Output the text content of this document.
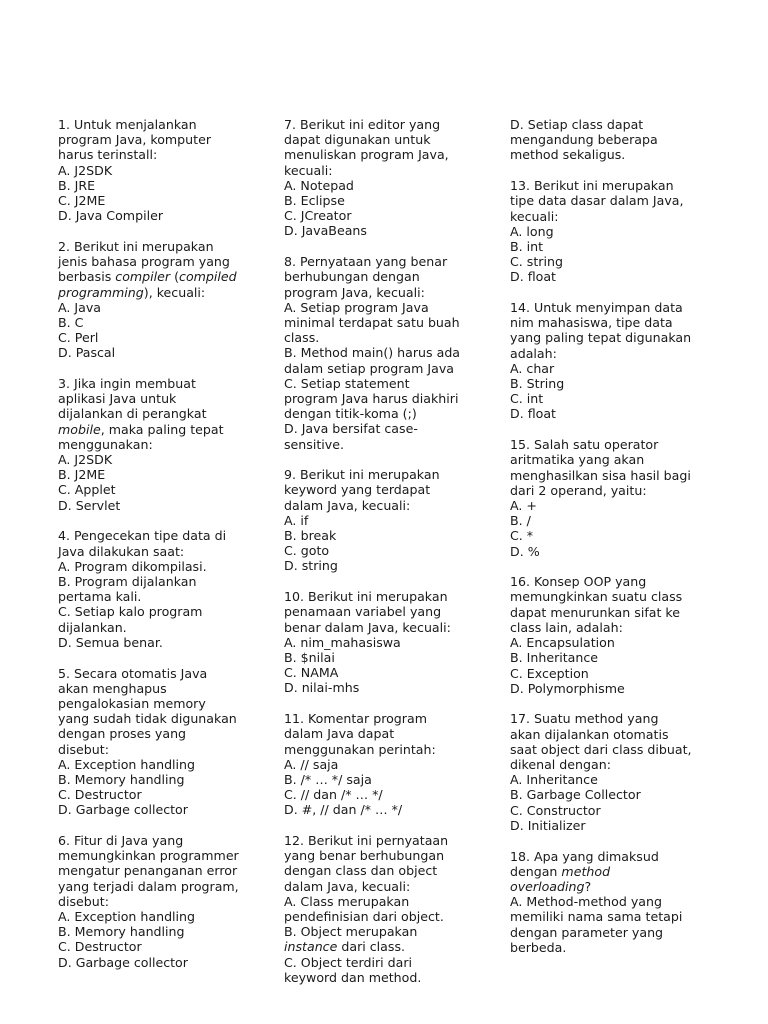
1. Untuk menjalankan
program Java, komputer
harus terinstall:
A. J2SDK
B. JRE
C. J2ME
D. Java Compiler
2. Berikut ini merupakan
jenis bahasa program yang
berbasis compiler (compiled
programming), kecuali:
A. Java
B. C
C. Perl
D. Pascal
3. Jika ingin membuat
aplikasi Java untuk
dijalankan di perangkat
mobile, maka paling tepat
menggunakan:
A. J2SDK
B. J2ME
C. Applet
D. Servlet
4. Pengecekan tipe data di
Java dilakukan saat:
A. Program dikompilasi.
B. Program dijalankan
pertama kali.
C. Setiap kalo program
dijalankan.
D. Semua benar.
5. Secara otomatis Java
akan menghapus
pengalokasian memory
yang sudah tidak digunakan
dengan proses yang
disebut:
A. Exception handling
B. Memory handling
C. Destructor
D. Garbage collector
6. Fitur di Java yang
memungkinkan programmer
mengatur penanganan error
yang terjadi dalam program,
disebut:
A. Exception handling
B. Memory handling
C. Destructor
D. Garbage collector
7. Berikut ini editor yang
dapat digunakan untuk
menuliskan program Java,
kecuali:
A. Notepad
B. Eclipse
C. JCreator
D. JavaBeans
8. Pernyataan yang benar
berhubungan dengan
program Java, kecuali:
A. Setiap program Java
minimal terdapat satu buah
class.
B. Method main() harus ada
dalam setiap program Java
C. Setiap statement
program Java harus diakhiri
dengan titik-koma (;)
D. Java bersifat case-
sensitive.
9. Berikut ini merupakan
keyword yang terdapat
dalam Java, kecuali:
A. if
B. break
C. goto
D. string
10. Berikut ini merupakan
penamaan variabel yang
benar dalam Java, kecuali:
A. nim_mahasiswa
B. $nilai
C. NAMA
D. nilai-mhs
11. Komentar program
dalam Java dapat
menggunakan perintah:
A. // saja
B. /* … */ saja
C. // dan /* … */
D. #, // dan /* … */
12. Berikut ini pernyataan
yang benar berhubungan
dengan class dan object
dalam Java, kecuali:
A. Class merupakan
pendefinisian dari object.
B. Object merupakan
instance dari class.
C. Object terdiri dari
keyword dan method.
D. Setiap class dapat
mengandung beberapa
method sekaligus.
13. Berikut ini merupakan
tipe data dasar dalam Java,
kecuali:
A. long
B. int
C. string
D. float
14. Untuk menyimpan data
nim mahasiswa, tipe data
yang paling tepat digunakan
adalah:
A. char
B. String
C. int
D. float
15. Salah satu operator
aritmatika yang akan
menghasilkan sisa hasil bagi
dari 2 operand, yaitu:
A. +
B. /
C. *
D. %
16. Konsep OOP yang
memungkinkan suatu class
dapat menurunkan sifat ke
class lain, adalah:
A. Encapsulation
B. Inheritance
C. Exception
D. Polymorphisme
17. Suatu method yang
akan dijalankan otomatis
saat object dari class dibuat,
dikenal dengan:
A. Inheritance
B. Garbage Collector
C. Constructor
D. Initializer
18. Apa yang dimaksud
dengan method
overloading?
A. Method-method yang
memiliki nama sama tetapi
dengan parameter yang
berbeda.
